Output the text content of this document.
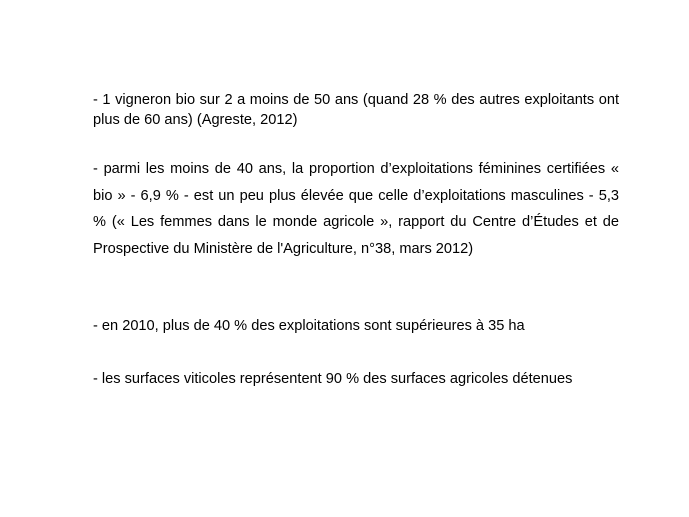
- 1 vigneron bio sur 2 a moins de 50 ans (quand 28 % des autres exploitants ont plus de 60 ans) (Agreste, 2012)

- parmi les moins de 40 ans, la proportion d’exploitations féminines certifiées « bio » - 6,9 % - est un peu plus élevée que celle d’exploitations masculines - 5,3 % (« Les femmes dans le monde agricole », rapport du Centre d’Études et de Prospective du Ministère de l'Agriculture, n°38, mars 2012)

- en 2010, plus de 40 % des exploitations sont supérieures à 35 ha

- les surfaces viticoles représentent 90 % des surfaces agricoles détenues
